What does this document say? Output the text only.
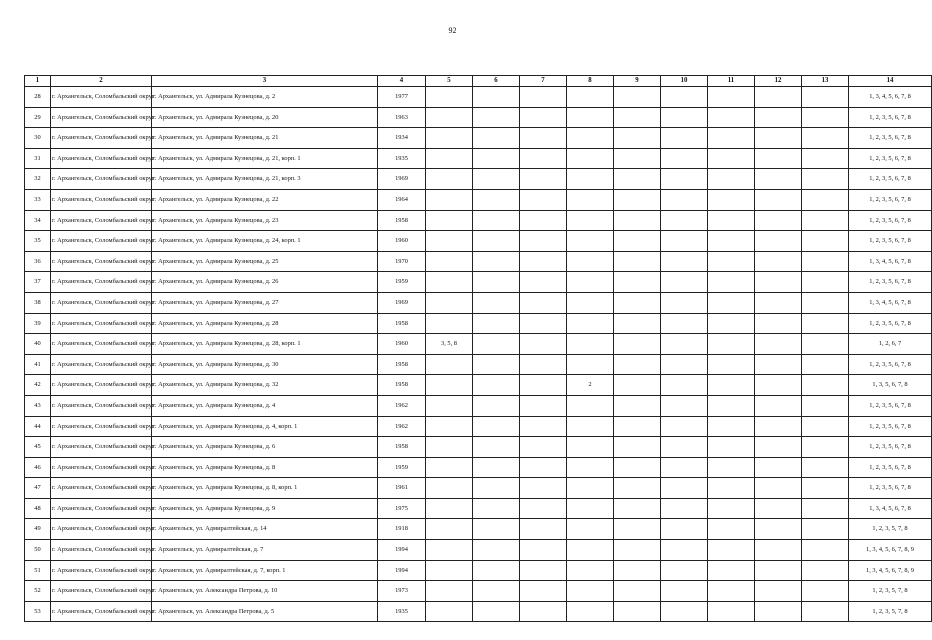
92
1	2	3	4	5	6	7	8	9	10	11	12	13	14
28	г. Архангельск, Соломбальский округ	г. Архангельск, ул. Адмирала Кузнецова, д. 2	1977										1, 3, 4, 5, 6, 7, 8
29	г. Архангельск, Соломбальский округ	г. Архангельск, ул. Адмирала Кузнецова, д. 20	1963										1, 2, 3, 5, 6, 7, 8
30	г. Архангельск, Соломбальский округ	г. Архангельск, ул. Адмирала Кузнецова, д. 21	1934										1, 2, 3, 5, 6, 7, 8
31	г. Архангельск, Соломбальский округ	г. Архангельск, ул. Адмирала Кузнецова, д. 21, корп. 1	1935										1, 2, 3, 5, 6, 7, 8
32	г. Архангельск, Соломбальский округ	г. Архангельск, ул. Адмирала Кузнецова, д. 21, корп. 3	1969										1, 2, 3, 5, 6, 7, 8
33	г. Архангельск, Соломбальский округ	г. Архангельск, ул. Адмирала Кузнецова, д. 22	1964										1, 2, 3, 5, 6, 7, 8
34	г. Архангельск, Соломбальский округ	г. Архангельск, ул. Адмирала Кузнецова, д. 23	1958										1, 2, 3, 5, 6, 7, 8
35	г. Архангельск, Соломбальский округ	г. Архангельск, ул. Адмирала Кузнецова, д. 24, корп. 1	1960										1, 2, 3, 5, 6, 7, 8
36	г. Архангельск, Соломбальский округ	г. Архангельск, ул. Адмирала Кузнецова, д. 25	1970										1, 3, 4, 5, 6, 7, 8
37	г. Архангельск, Соломбальский округ	г. Архангельск, ул. Адмирала Кузнецова, д. 26	1959										1, 2, 3, 5, 6, 7, 8
38	г. Архангельск, Соломбальский округ	г. Архангельск, ул. Адмирала Кузнецова, д. 27	1969										1, 3, 4, 5, 6, 7, 8
39	г. Архангельск, Соломбальский округ	г. Архангельск, ул. Адмирала Кузнецова, д. 28	1958										1, 2, 3, 5, 6, 7, 8
40	г. Архангельск, Соломбальский округ	г. Архангельск, ул. Адмирала Кузнецова, д. 28, корп. 1	1960	3, 5, 8									1, 2, 6, 7
41	г. Архангельск, Соломбальский округ	г. Архангельск, ул. Адмирала Кузнецова, д. 30	1958										1, 2, 3, 5, 6, 7, 8
42	г. Архангельск, Соломбальский округ	г. Архангельск, ул. Адмирала Кузнецова, д. 32	1958				2						1, 3, 5, 6, 7, 8
43	г. Архангельск, Соломбальский округ	г. Архангельск, ул. Адмирала Кузнецова, д. 4	1962										1, 2, 3, 5, 6, 7, 8
44	г. Архангельск, Соломбальский округ	г. Архангельск, ул. Адмирала Кузнецова, д. 4, корп. 1	1962										1, 2, 3, 5, 6, 7, 8
45	г. Архангельск, Соломбальский округ	г. Архангельск, ул. Адмирала Кузнецова, д. 6	1958										1, 2, 3, 5, 6, 7, 8
46	г. Архангельск, Соломбальский округ	г. Архангельск, ул. Адмирала Кузнецова, д. 8	1959										1, 2, 3, 5, 6, 7, 8
47	г. Архангельск, Соломбальский округ	г. Архангельск, ул. Адмирала Кузнецова, д. 8, корп. 1	1961										1, 2, 3, 5, 6, 7, 8
48	г. Архангельск, Соломбальский округ	г. Архангельск, ул. Адмирала Кузнецова, д. 9	1975										1, 3, 4, 5, 6, 7, 8
49	г. Архангельск, Соломбальский округ	г. Архангельск, ул. Адмиралтейская, д. 14	1918										1, 2, 3, 5, 7, 8
50	г. Архангельск, Соломбальский округ	г. Архангельск, ул. Адмиралтейская, д. 7	1994										1, 3, 4, 5, 6, 7, 8, 9
51	г. Архангельск, Соломбальский округ	г. Архангельск, ул. Адмиралтейская, д. 7, корп. 1	1994										1, 3, 4, 5, 6, 7, 8, 9
52	г. Архангельск, Соломбальский округ	г. Архангельск, ул. Александра Петрова, д. 10	1973										1, 2, 3, 5, 7, 8
53	г. Архангельск, Соломбальский округ	г. Архангельск, ул. Александра Петрова, д. 5	1935										1, 2, 3, 5, 7, 8
